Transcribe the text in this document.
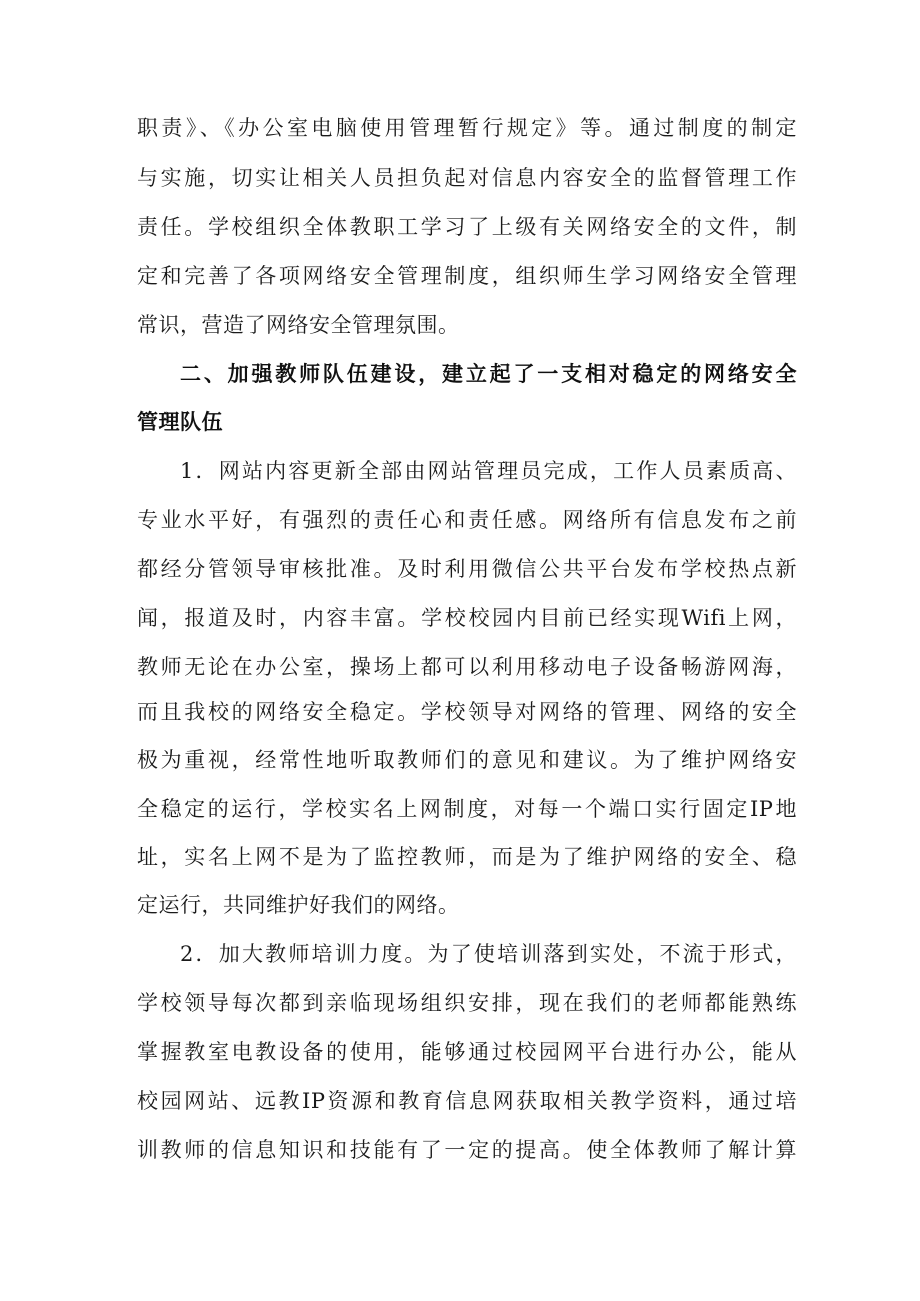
职责》、《办公室电脑使用管理暂行规定》等。通过制度的制定
与实施，切实让相关人员担负起对信息内容安全的监督管理工作
责任。学校组织全体教职工学习了上级有关网络安全的文件，制
定和完善了各项网络安全管理制度，组织师生学习网络安全管理
常识，营造了网络安全管理氛围。
二、加强教师队伍建设，建立起了一支相对稳定的网络安全
管理队伍
1．网站内容更新全部由网站管理员完成，工作人员素质高、
专业水平好，有强烈的责任心和责任感。网络所有信息发布之前
都经分管领导审核批准。及时利用微信公共平台发布学校热点新
闻，报道及时，内容丰富。学校校园内目前已经实现Wifi上网，
教师无论在办公室，操场上都可以利用移动电子设备畅游网海，
而且我校的网络安全稳定。学校领导对网络的管理、网络的安全
极为重视，经常性地听取教师们的意见和建议。为了维护网络安
全稳定的运行，学校实名上网制度，对每一个端口实行固定IP地
址，实名上网不是为了监控教师，而是为了维护网络的安全、稳
定运行，共同维护好我们的网络。
2．加大教师培训力度。为了使培训落到实处，不流于形式，
学校领导每次都到亲临现场组织安排，现在我们的老师都能熟练
掌握教室电教设备的使用，能够通过校园网平台进行办公，能从
校园网站、远教IP资源和教育信息网获取相关教学资料，通过培
训教师的信息知识和技能有了一定的提高。使全体教师了解计算
